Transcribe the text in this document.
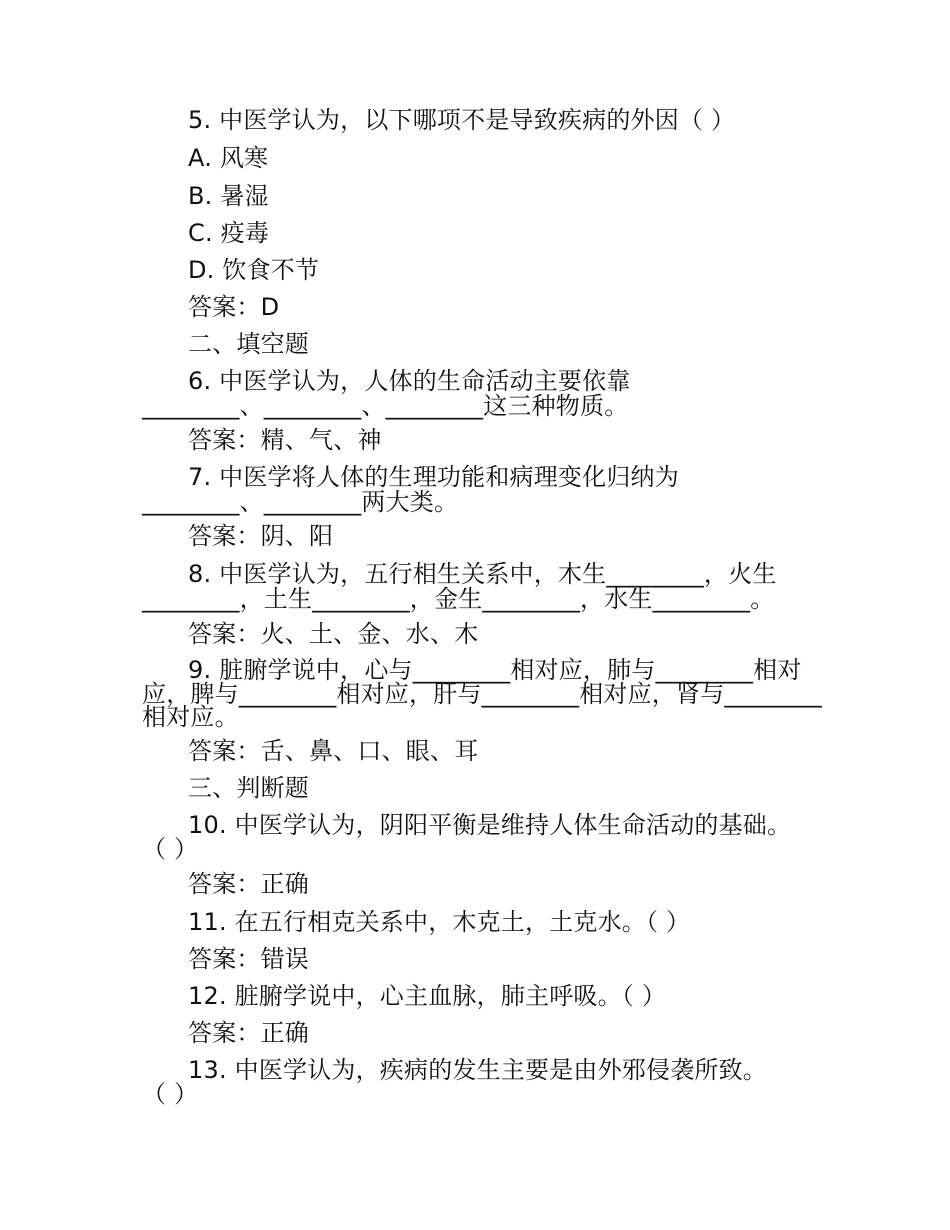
5. 中医学认为，以下哪项不是导致疾病的外因（ ）
A. 风寒
B. 暑湿
C. 疫毒
D. 饮食不节
答案：D
二、填空题
6. 中医学认为，人体的生命活动主要依靠
________、________、________这三种物质。
答案：精、气、神
7. 中医学将人体的生理功能和病理变化归纳为
________、________两大类。
答案：阴、阳
8. 中医学认为，五行相生关系中，木生________，火生
________，土生________，金生________，水生________。
答案：火、土、金、水、木
9. 脏腑学说中，心与________相对应，肺与________相对
应，脾与________相对应，肝与________相对应，肾与________
相对应。
答案：舌、鼻、口、眼、耳
三、判断题
10. 中医学认为，阴阳平衡是维持人体生命活动的基础。
（ ）
答案：正确
11. 在五行相克关系中，木克土，土克水。（ ）
答案：错误
12. 脏腑学说中，心主血脉，肺主呼吸。（ ）
答案：正确
13. 中医学认为，疾病的发生主要是由外邪侵袭所致。
（ ）
